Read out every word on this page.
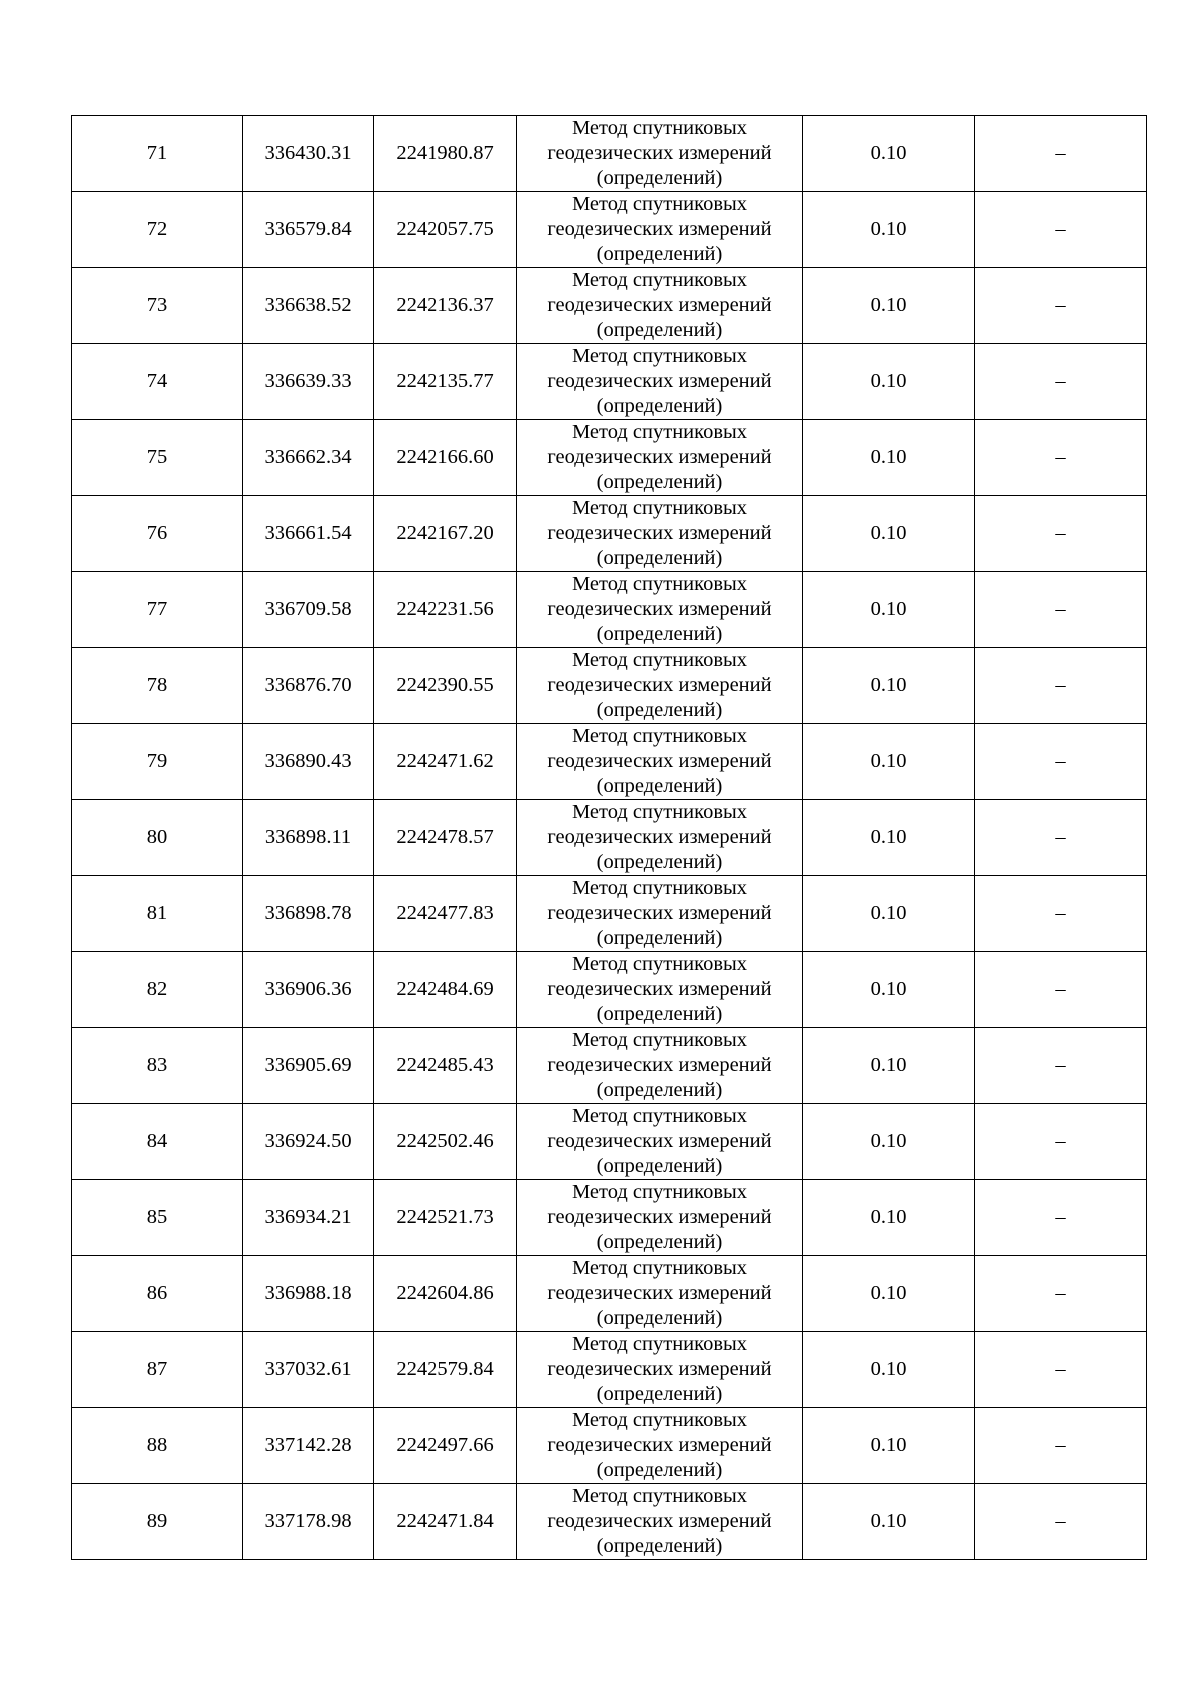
71	336430.31	2241980.87	Метод спутниковых
геодезических измерений
(определений)	0.10	–
72	336579.84	2242057.75	Метод спутниковых
геодезических измерений
(определений)	0.10	–
73	336638.52	2242136.37	Метод спутниковых
геодезических измерений
(определений)	0.10	–
74	336639.33	2242135.77	Метод спутниковых
геодезических измерений
(определений)	0.10	–
75	336662.34	2242166.60	Метод спутниковых
геодезических измерений
(определений)	0.10	–
76	336661.54	2242167.20	Метод спутниковых
геодезических измерений
(определений)	0.10	–
77	336709.58	2242231.56	Метод спутниковых
геодезических измерений
(определений)	0.10	–
78	336876.70	2242390.55	Метод спутниковых
геодезических измерений
(определений)	0.10	–
79	336890.43	2242471.62	Метод спутниковых
геодезических измерений
(определений)	0.10	–
80	336898.11	2242478.57	Метод спутниковых
геодезических измерений
(определений)	0.10	–
81	336898.78	2242477.83	Метод спутниковых
геодезических измерений
(определений)	0.10	–
82	336906.36	2242484.69	Метод спутниковых
геодезических измерений
(определений)	0.10	–
83	336905.69	2242485.43	Метод спутниковых
геодезических измерений
(определений)	0.10	–
84	336924.50	2242502.46	Метод спутниковых
геодезических измерений
(определений)	0.10	–
85	336934.21	2242521.73	Метод спутниковых
геодезических измерений
(определений)	0.10	–
86	336988.18	2242604.86	Метод спутниковых
геодезических измерений
(определений)	0.10	–
87	337032.61	2242579.84	Метод спутниковых
геодезических измерений
(определений)	0.10	–
88	337142.28	2242497.66	Метод спутниковых
геодезических измерений
(определений)	0.10	–
89	337178.98	2242471.84	Метод спутниковых
геодезических измерений
(определений)	0.10	–
